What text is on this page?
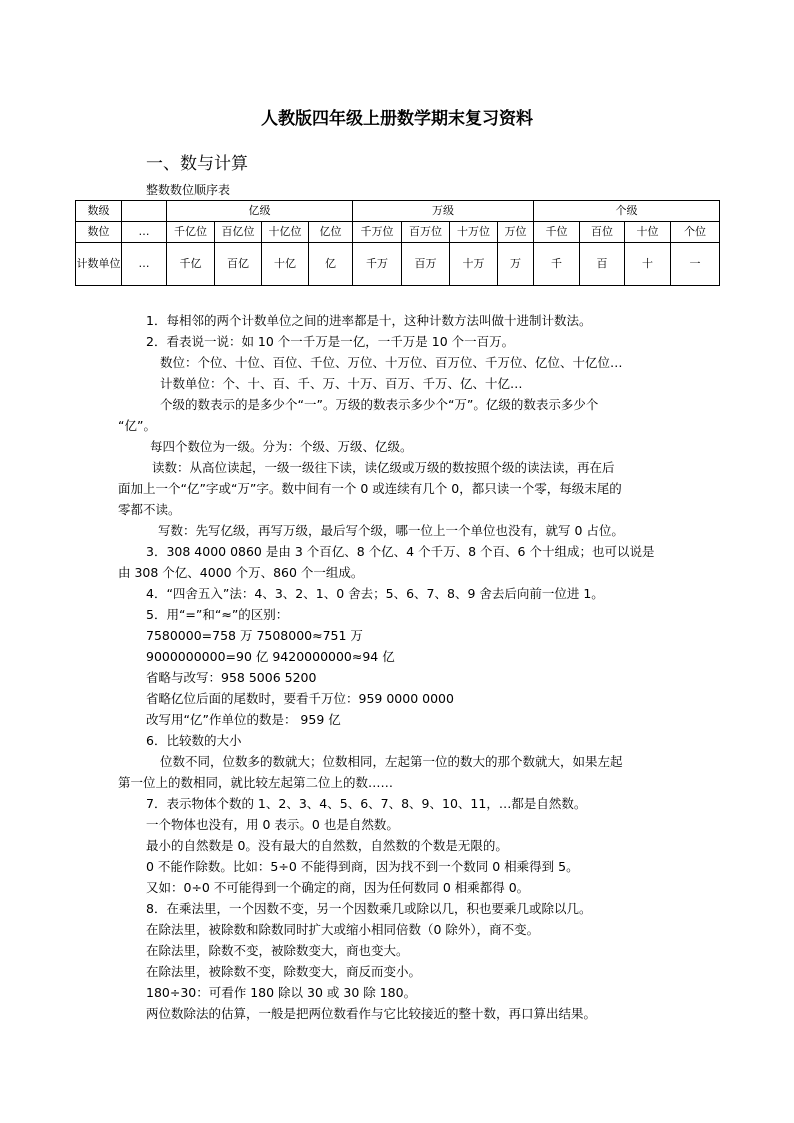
人教版四年级上册数学期末复习资料
一、数与计算
整数数位顺序表
数级		亿级				万级				个级			
数位	…	千亿位	百亿位	十亿位	亿位	千万位	百万位	十万位	万位	千位	百位	十位	个位
计数单位	…	千亿	百亿	十亿	亿	千万	百万	十万	万	千	百	十	一
1．每相邻的两个计数单位之间的进率都是十，这种计数方法叫做十进制计数法。
2．看表说一说：如 10 个一千万是一亿，一千万是 10 个一百万。
数位：个位、十位、百位、千位、万位、十万位、百万位、千万位、亿位、十亿位…
计数单位：个、十、百、千、万、十万、百万、千万、亿、十亿…
个级的数表示的是多少个“一”。万级的数表示多少个“万”。亿级的数表示多少个
“亿”。
每四个数位为一级。分为：个级、万级、亿级。
读数：从高位读起，一级一级往下读，读亿级或万级的数按照个级的读法读，再在后
面加上一个“亿”字或“万”字。数中间有一个 0 或连续有几个 0，都只读一个零，每级末尾的
零都不读。
写数：先写亿级，再写万级，最后写个级，哪一位上一个单位也没有，就写 0 占位。
3．308 4000 0860 是由 3 个百亿、8 个亿、4 个千万、8 个百、6 个十组成；也可以说是
由 308 个亿、4000 个万、860 个一组成。
4．“四舍五入”法：4、3、2、1、0 舍去；5、6、7、8、9 舍去后向前一位进 1。
5．用“=”和“≈”的区别：
7580000=758 万 7508000≈751 万
9000000000=90 亿 9420000000≈94 亿
省略与改写：958 5006 5200
省略亿位后面的尾数时，要看千万位：959 0000 0000
改写用“亿”作单位的数是： 959 亿
6．比较数的大小
位数不同，位数多的数就大；位数相同，左起第一位的数大的那个数就大，如果左起
第一位上的数相同，就比较左起第二位上的数……
7．表示物体个数的 1、2、3、4、5、6、7、8、9、10、11，…都是自然数。
一个物体也没有，用 0 表示。0 也是自然数。
最小的自然数是 0。没有最大的自然数，自然数的个数是无限的。
0 不能作除数。比如：5÷0 不能得到商，因为找不到一个数同 0 相乘得到 5。
又如：0÷0 不可能得到一个确定的商，因为任何数同 0 相乘都得 0。
8．在乘法里，一个因数不变，另一个因数乘几或除以几，积也要乘几或除以几。
在除法里，被除数和除数同时扩大或缩小相同倍数（0 除外），商不变。
在除法里，除数不变，被除数变大，商也变大。
在除法里，被除数不变，除数变大，商反而变小。
180÷30：可看作 180 除以 30 或 30 除 180。
两位数除法的估算，一般是把两位数看作与它比较接近的整十数，再口算出结果。
